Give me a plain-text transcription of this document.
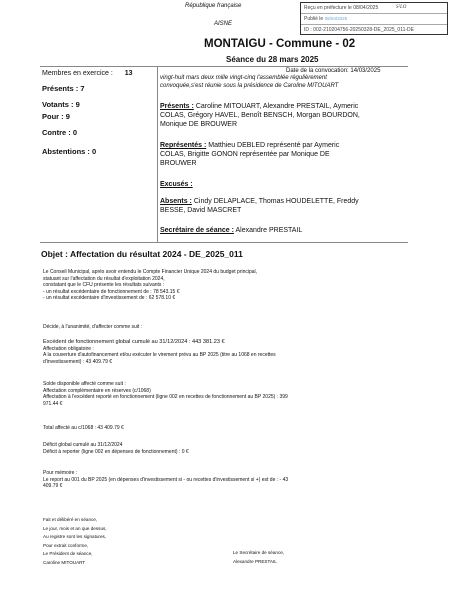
République française
AISNE
Reçu en préfecture le 08/04/2025
Publié le 08/04/2025
ID : 002-210204756-20250328-DE_2025_011-DE
S²LO
MONTAIGU - Commune - 02
Séance du 28 mars 2025
Membres en exercice : 13
Présents : 7
Votants : 9
Pour : 9
Contre : 0
Abstentions : 0
Date de la convocation: 14/03/2025
vingt-huit mars deux mille vingt-cinq l'assemblée régulièrement
convoquée,s'est réunie sous la présidence de Caroline MITOUART
Présents : Caroline MITOUART, Alexandre PRESTAIL, Aymeric
COLAS, Grégory HAVEL, Benoît BENSCH, Morgan BOURDON,
Monique DE BROUWER
Représentés : Matthieu DEBLED représenté par Aymeric
COLAS, Brigitte GONON représentée par Monique DE
BROUWER
Excusés :
Absents : Cindy DELAPLACE, Thomas HOUDELETTE, Freddy
BESSE, David MASCRET
Secrétaire de séance : Alexandre PRESTAIL
Objet : Affectation du résultat 2024 - DE_2025_011
Le Conseil Municipal, après avoir entendu le Compte Financier Unique 2024 du budget principal,
statuant sur l'affectation du résultat d'exploitation 2024,
constatant que le CFU présente les résultats suivants :
- un résultat excédentaire de fonctionnement de : 78 543.15 €
- un résultat excédentaire d'investissement de : 62 578.10 €
Décide, à l'unanimité, d'affecter comme suit :
Excédent de fonctionnement global cumulé au 31/12/2024 : 443 381.23 €
Affectation obligatoire :
A la couverture d'autofinancement et/ou exécuter le virement prévu au BP 2025 (titre au 1068 en recettes
d'investissement) : 43 409.79 €
Solde disponible affecté comme suit :
Affectation complémentaire en réserves (c/1068)
Affectation à l'excédent reporté en fonctionnement (ligne 002 en recettes de fonctionnement au BP 2025) : 399
971.44 €
Total affecté au c/1068 : 43 409.79 €
Déficit global cumulé au 31/12/2024
Déficit à reporter (ligne 002 en dépenses de fonctionnement) : 0 €
Pour mémoire :
Le report au 001 du BP 2025 (en dépenses d'investissement si - ou recettes d'investissement si +) est de : - 43
409.79 €
Fait et délibéré en séance,
Le jour, mois et an que dessus,
Au registre sont les signatures,
Pour extrait conforme,
Le Président de séance,
Caroline MITOUART
Le Secrétaire de séance,
Alexandre PRESTAIL
